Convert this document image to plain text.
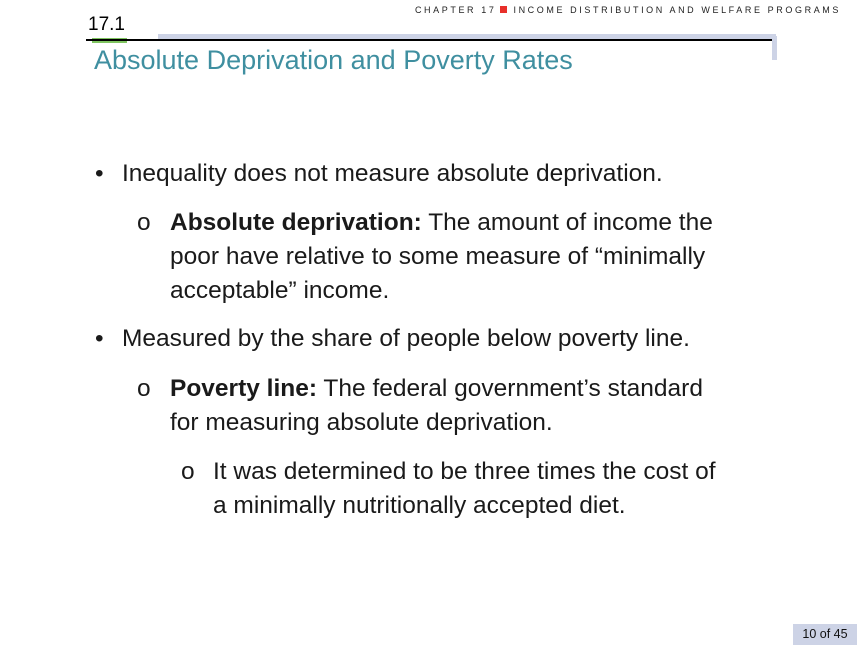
CHAPTER 17 INCOME DISTRIBUTION AND WELFARE PROGRAMS
17.1
Absolute Deprivation and Poverty Rates
• Inequality does not measure absolute deprivation.
o Absolute deprivation: The amount of income the
poor have relative to some measure of “minimally
acceptable” income.
• Measured by the share of people below poverty line.
o Poverty line: The federal government’s standard
for measuring absolute deprivation.
o It was determined to be three times the cost of
a minimally nutritionally accepted diet.
10 of 45
